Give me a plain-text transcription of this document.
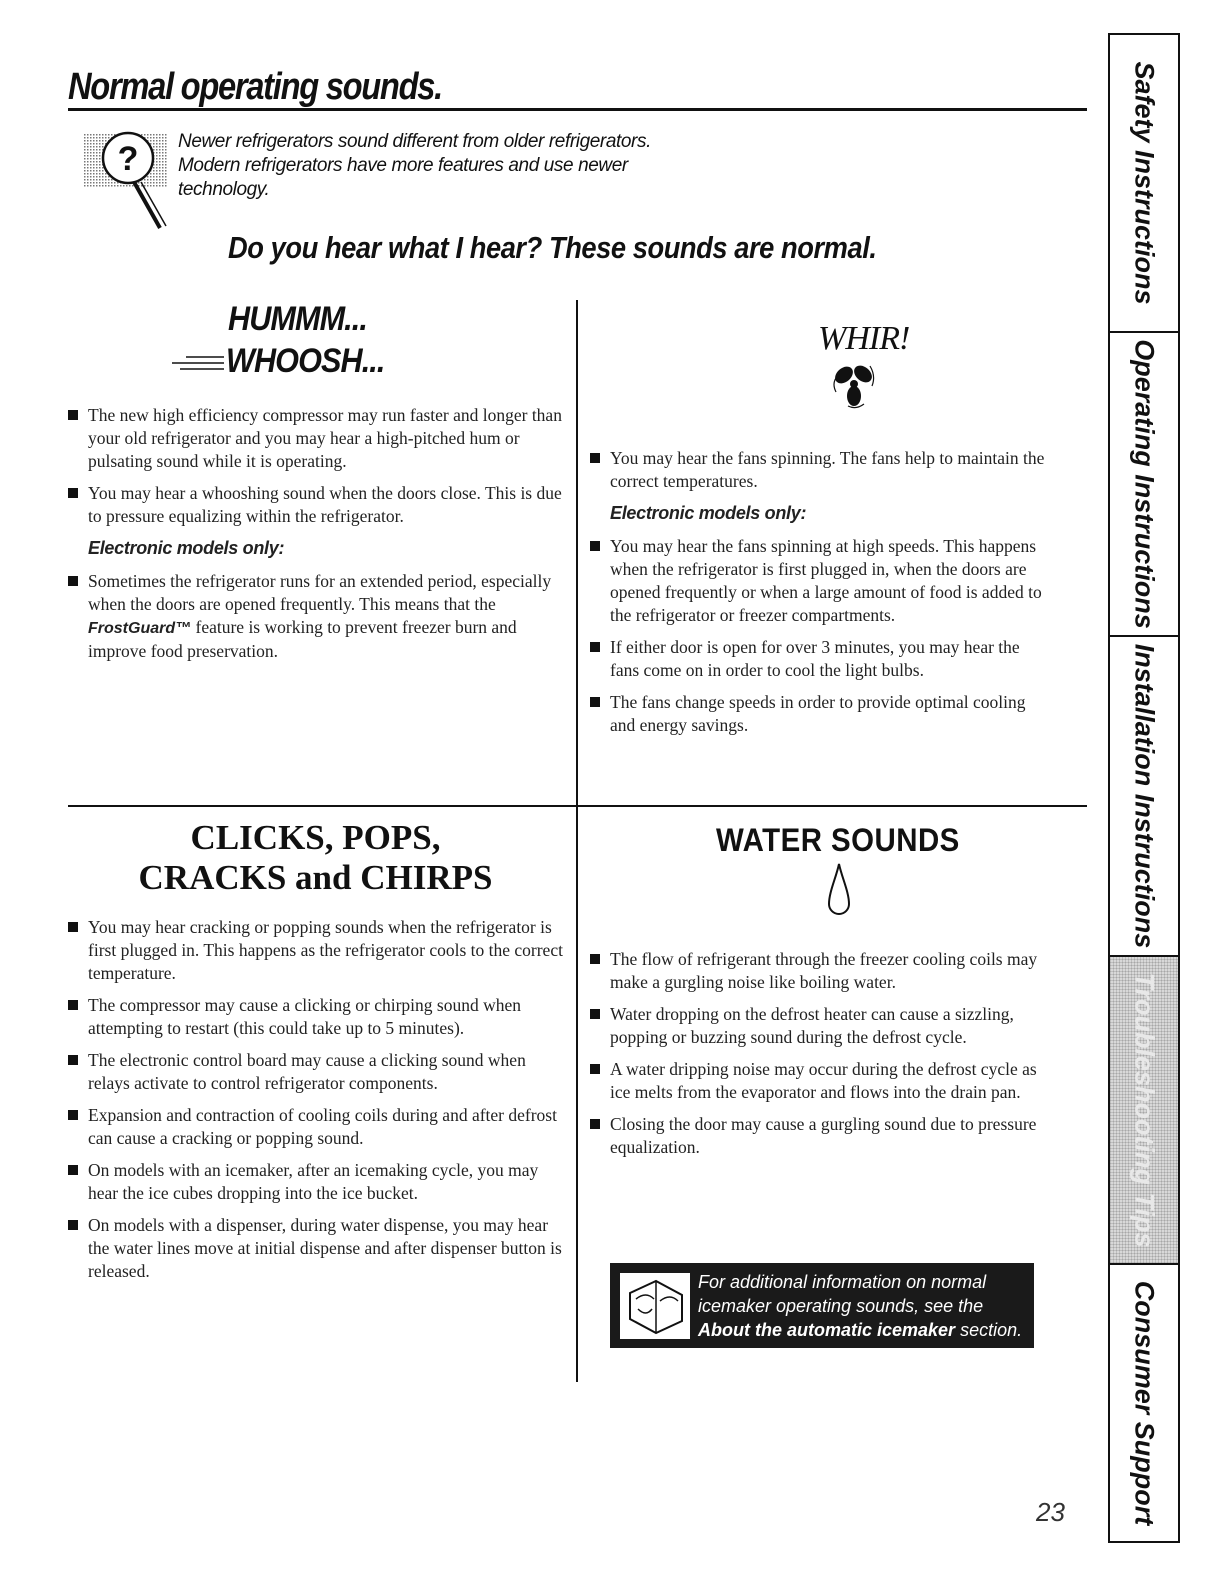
Normal operating sounds.
? Newer refrigerators sound different from older refrigerators.
Modern refrigerators have more features and use newer
technology.
Do you hear what I hear? These sounds are normal.
HUMMM...
WHOOSH...
The new high efficiency compressor may run faster and longer than your old refrigerator and you may hear a high-pitched hum or pulsating sound while it is operating.
You may hear a whooshing sound when the doors close. This is due to pressure equalizing within the refrigerator.
Electronic models only:
Sometimes the refrigerator runs for an extended period, especially when the doors are opened frequently. This means that the FrostGuard™ feature is working to prevent freezer burn and improve food preservation.
WHIR!
You may hear the fans spinning. The fans help to maintain the correct temperatures.
Electronic models only:
You may hear the fans spinning at high speeds. This happens when the refrigerator is first plugged in, when the doors are opened frequently or when a large amount of food is added to the refrigerator or freezer compartments.
If either door is open for over 3 minutes, you may hear the fans come on in order to cool the light bulbs.
The fans change speeds in order to provide optimal cooling and energy savings.
CLICKS, POPS,
CRACKS and CHIRPS
You may hear cracking or popping sounds when the refrigerator is first plugged in. This happens as the refrigerator cools to the correct temperature.
The compressor may cause a clicking or chirping sound when attempting to restart (this could take up to 5 minutes).
The electronic control board may cause a clicking sound when relays activate to control refrigerator components.
Expansion and contraction of cooling coils during and after defrost can cause a cracking or popping sound.
On models with an icemaker, after an icemaking cycle, you may hear the ice cubes dropping into the ice bucket.
On models with a dispenser, during water dispense, you may hear the water lines move at initial dispense and after dispenser button is released.
WATER SOUNDS
The flow of refrigerant through the freezer cooling coils may make a gurgling noise like boiling water.
Water dropping on the defrost heater can cause a sizzling, popping or buzzing sound during the defrost cycle.
A water dripping noise may occur during the defrost cycle as ice melts from the evaporator and flows into the drain pan.
Closing the door may cause a gurgling sound due to pressure equalization.
For additional information on normal
icemaker operating sounds, see the
About the automatic icemaker section.
Safety Instructions
Operating Instructions
Installation Instructions
Troubleshooting Tips
Consumer Support
23
